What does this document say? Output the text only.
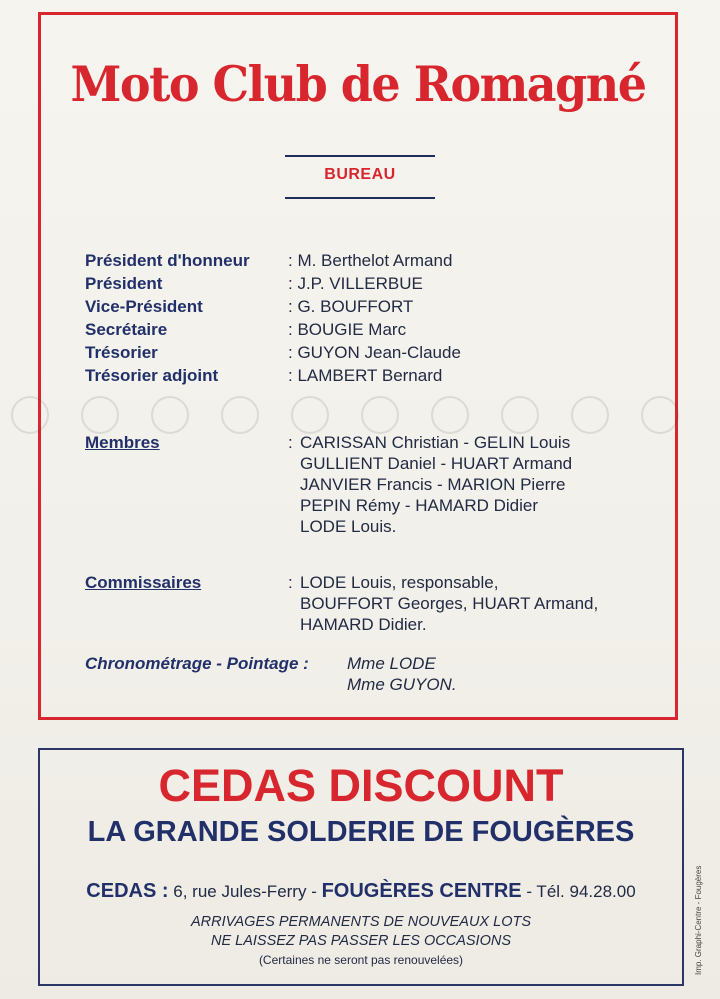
Moto Club de Romagné
BUREAU
Président d'honneur : M. Berthelot Armand
Président	: J.P. VILLERBUE
Vice-Président	: G. BOUFFORT
Secrétaire	: BOUGIE Marc
Trésorier	: GUYON Jean-Claude
Trésorier adjoint	: LAMBERT Bernard
Membres	: CARISSAN Christian - GELIN Louis
GULLIENT Daniel - HUART Armand
JANVIER Francis - MARION Pierre
PEPIN Rémy - HAMARD Didier
LODE Louis.
Commissaires	: LODE Louis, responsable,
BOUFFORT Georges, HUART Armand,
HAMARD Didier.
Chronométrage - Pointage : Mme LODE
Mme GUYON.
CEDAS DISCOUNT
LA GRANDE SOLDERIE DE FOUGÈRES
CEDAS : 6, rue Jules-Ferry - FOUGÈRES CENTRE - Tél. 94.28.00
ARRIVAGES PERMANENTS DE NOUVEAUX LOTS
NE LAISSEZ PAS PASSER LES OCCASIONS
(Certaines ne seront pas renouvelées)	Imp. Graphi-Centre - Fougères
